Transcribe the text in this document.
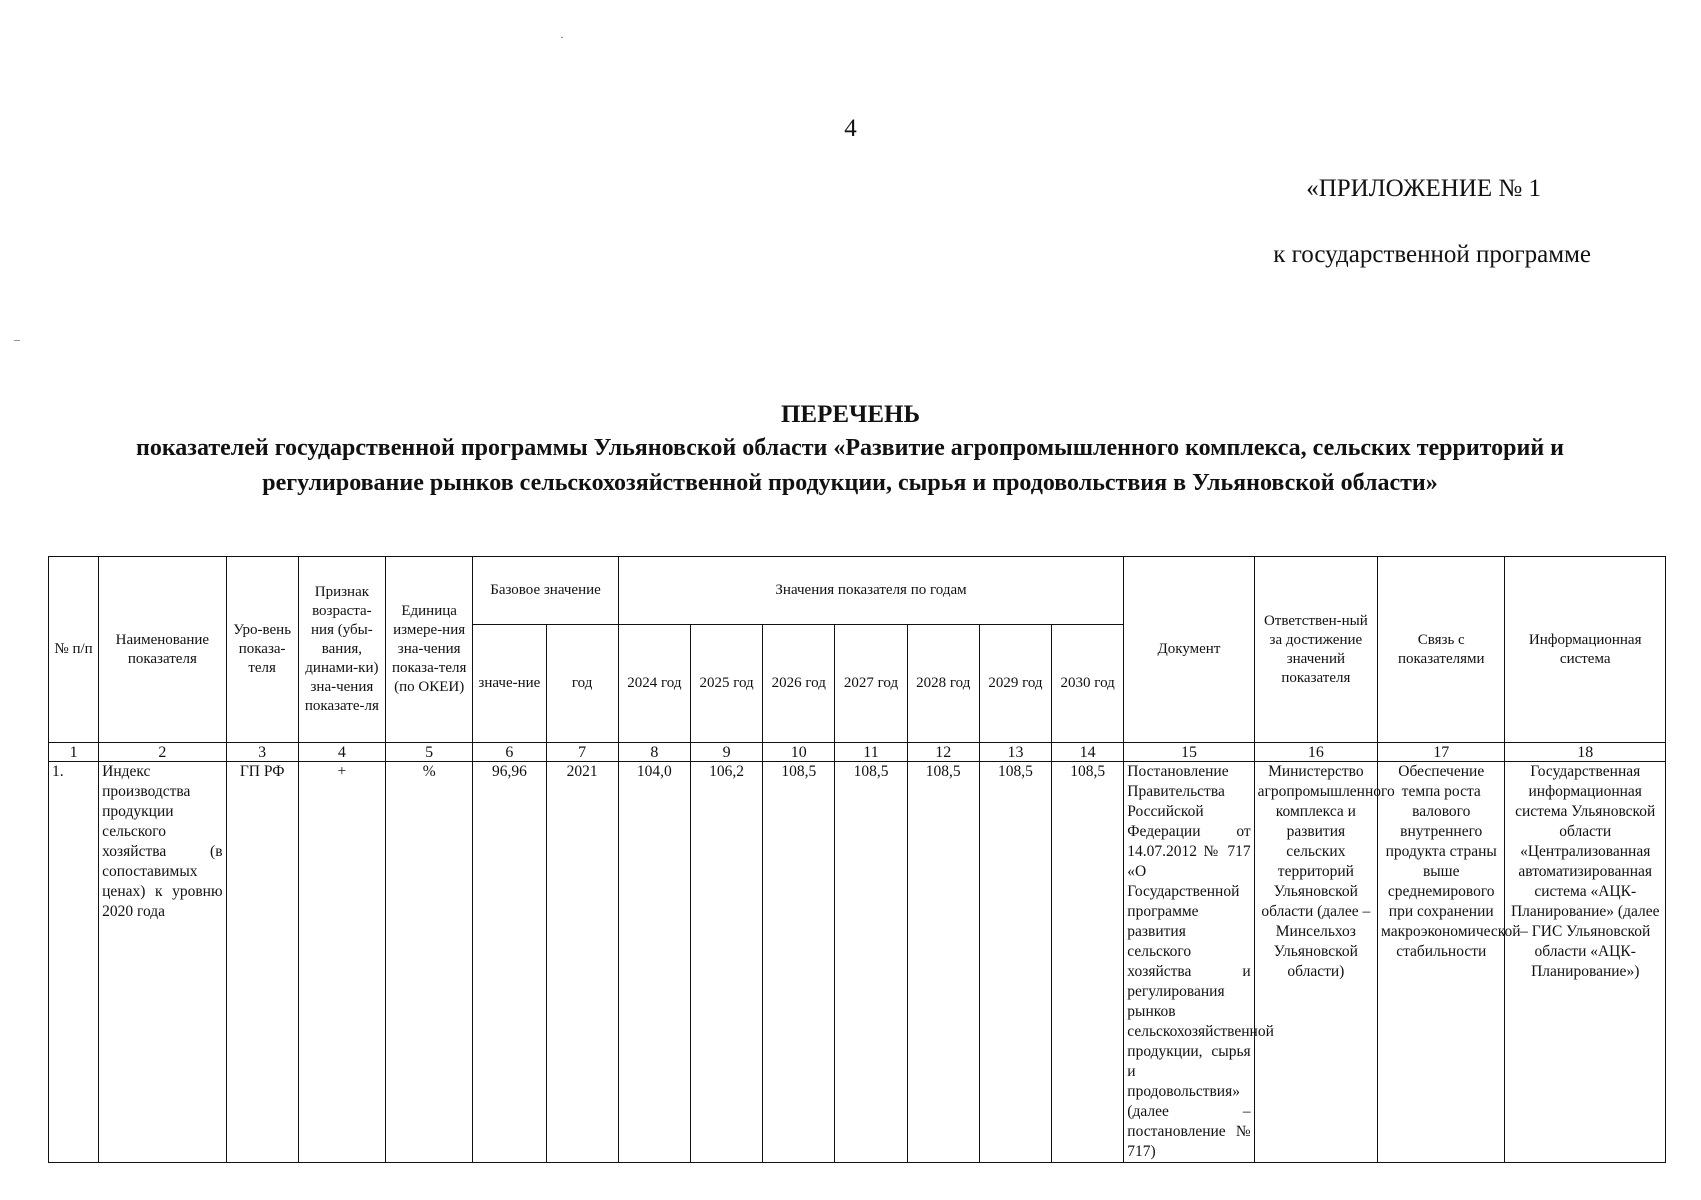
·
–
4
«ПРИЛОЖЕНИЕ № 1
к государственной программе
ПЕРЕЧЕНЬ
показателей государственной программы Ульяновской области «Развитие агропромышленного комплекса, сельских территорий и регулирование рынков сельскохозяйственной продукции, сырья и продовольствия в Ульяновской области»
№ п/п	Наименование показателя	Уро-вень показа-теля	Признак возраста-ния (убы-вания, динами-ки) зна-чения показате-ля	Единица измере-ния зна-чения показа-теля (по ОКЕИ)	Базовое значение		Значения показателя по годам							Документ	Ответствен-ный за достижение значений показателя	Связь с показателями	Информационная система
					значе-ние	год	2024 год	2025 год	2026 год	2027 год	2028 год	2029 год	2030 год				
1	2	3	4	5	6	7	8	9	10	11	12	13	14	15	16	17	18
1.	Индекс производства продукции сельского хозяйства (в сопоставимых ценах) к уровню 2020 года	ГП РФ	+	%	96,96	2021	104,0	106,2	108,5	108,5	108,5	108,5	108,5	Постановление Правительства Российской Федерации от 14.07.2012 № 717 «О Государственной программе развития сельского хозяйства и регулирования рынков сельскохозяйственной продукции, сырья и продовольствия» (далее – постановление № 717)	Министерство агропромышленного комплекса и развития сельских территорий Ульяновской области (далее – Минсельхоз Ульяновской области)	Обеспечение темпа роста валового внутреннего продукта страны выше среднемирового при сохранении макроэкономической стабильности	Государственная информационная система Ульяновской области «Централизованная автоматизированная система «АЦК-Планирование» (далее – ГИС Ульяновской области «АЦК-Планирование»)
